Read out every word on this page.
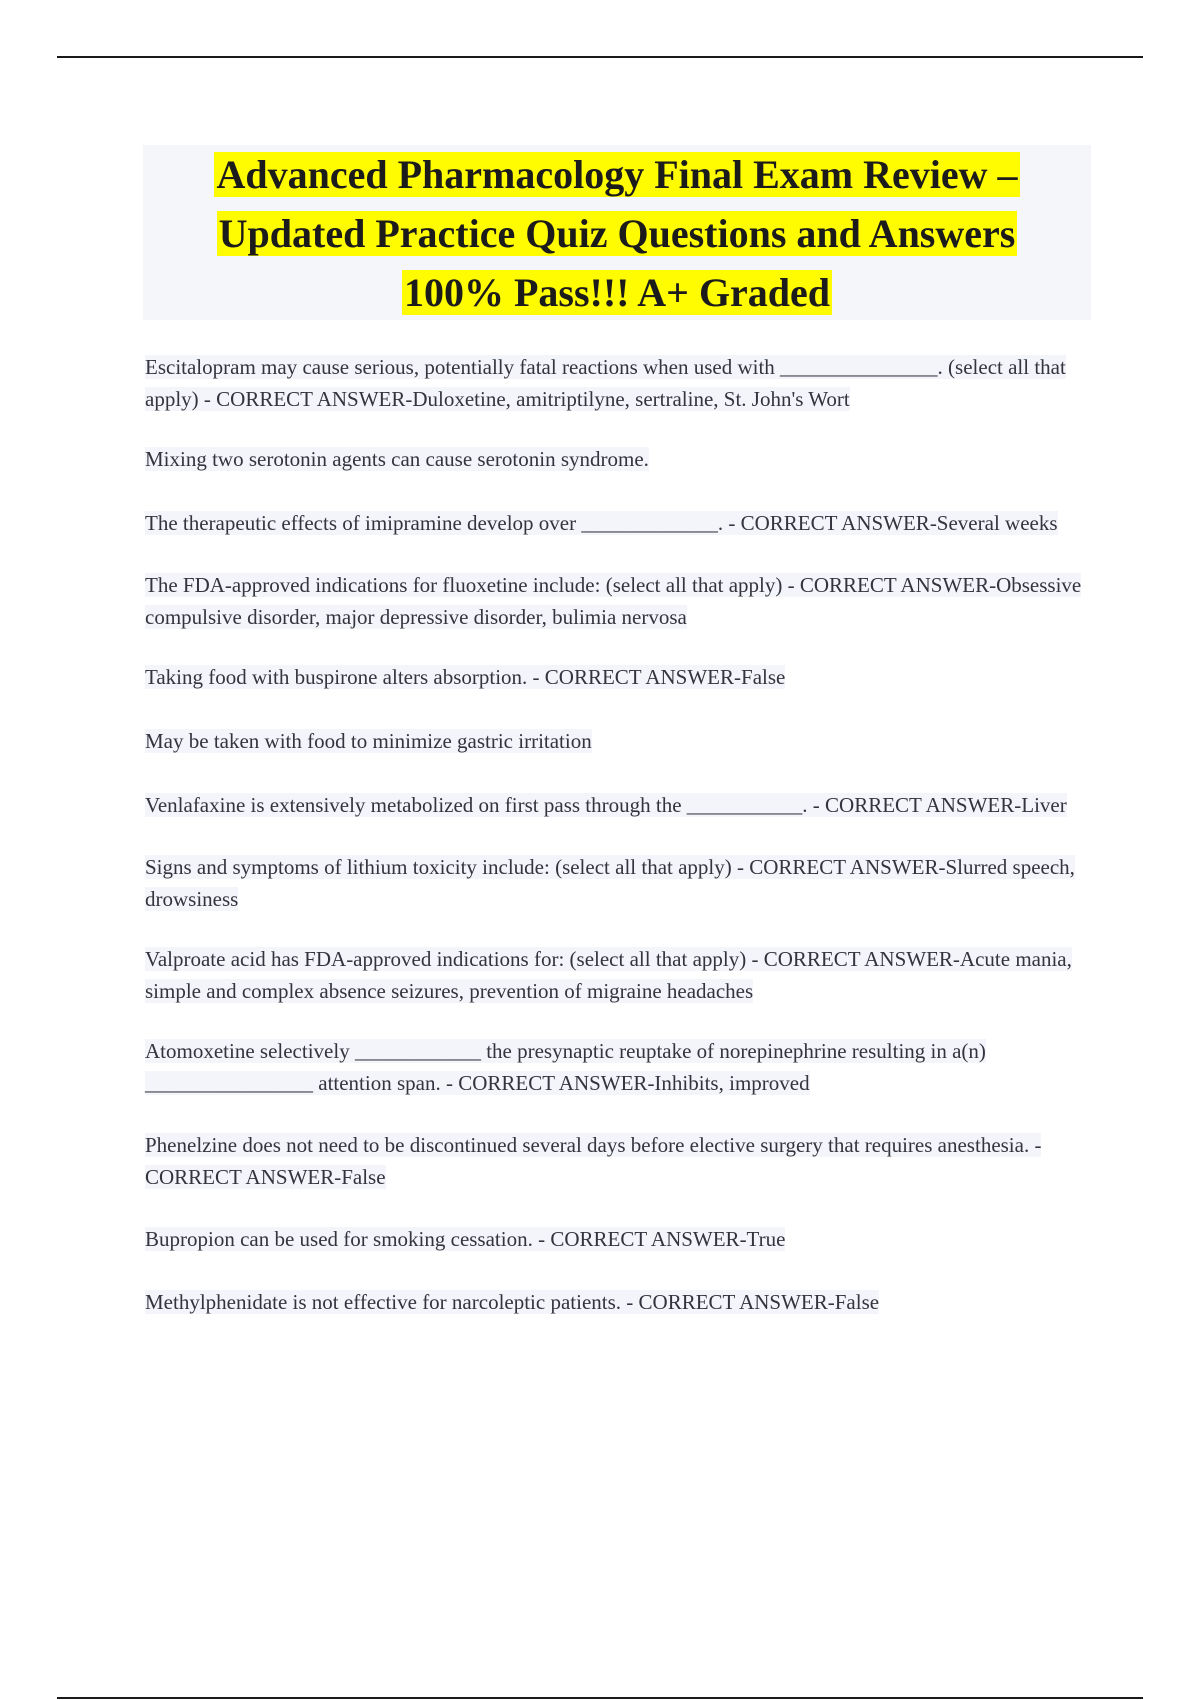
Advanced Pharmacology Final Exam Review –
Updated Practice Quiz Questions and Answers
100% Pass!!! A+ Graded
Escitalopram may cause serious, potentially fatal reactions when used with _______________. (select all that apply) - CORRECT ANSWER-Duloxetine, amitriptilyne, sertraline, St. John's Wort
Mixing two serotonin agents can cause serotonin syndrome.
The therapeutic effects of imipramine develop over _____________. - CORRECT ANSWER-Several weeks
The FDA-approved indications for fluoxetine include: (select all that apply) - CORRECT ANSWER-Obsessive compulsive disorder, major depressive disorder, bulimia nervosa
Taking food with buspirone alters absorption. - CORRECT ANSWER-False
May be taken with food to minimize gastric irritation
Venlafaxine is extensively metabolized on first pass through the ___________. - CORRECT ANSWER-Liver
Signs and symptoms of lithium toxicity include: (select all that apply) - CORRECT ANSWER-Slurred speech, drowsiness
Valproate acid has FDA-approved indications for: (select all that apply) - CORRECT ANSWER-Acute mania, simple and complex absence seizures, prevention of migraine headaches
Atomoxetine selectively ____________ the presynaptic reuptake of norepinephrine resulting in a(n) ________________ attention span. - CORRECT ANSWER-Inhibits, improved
Phenelzine does not need to be discontinued several days before elective surgery that requires anesthesia. - CORRECT ANSWER-False
Bupropion can be used for smoking cessation. - CORRECT ANSWER-True
Methylphenidate is not effective for narcoleptic patients. - CORRECT ANSWER-False
